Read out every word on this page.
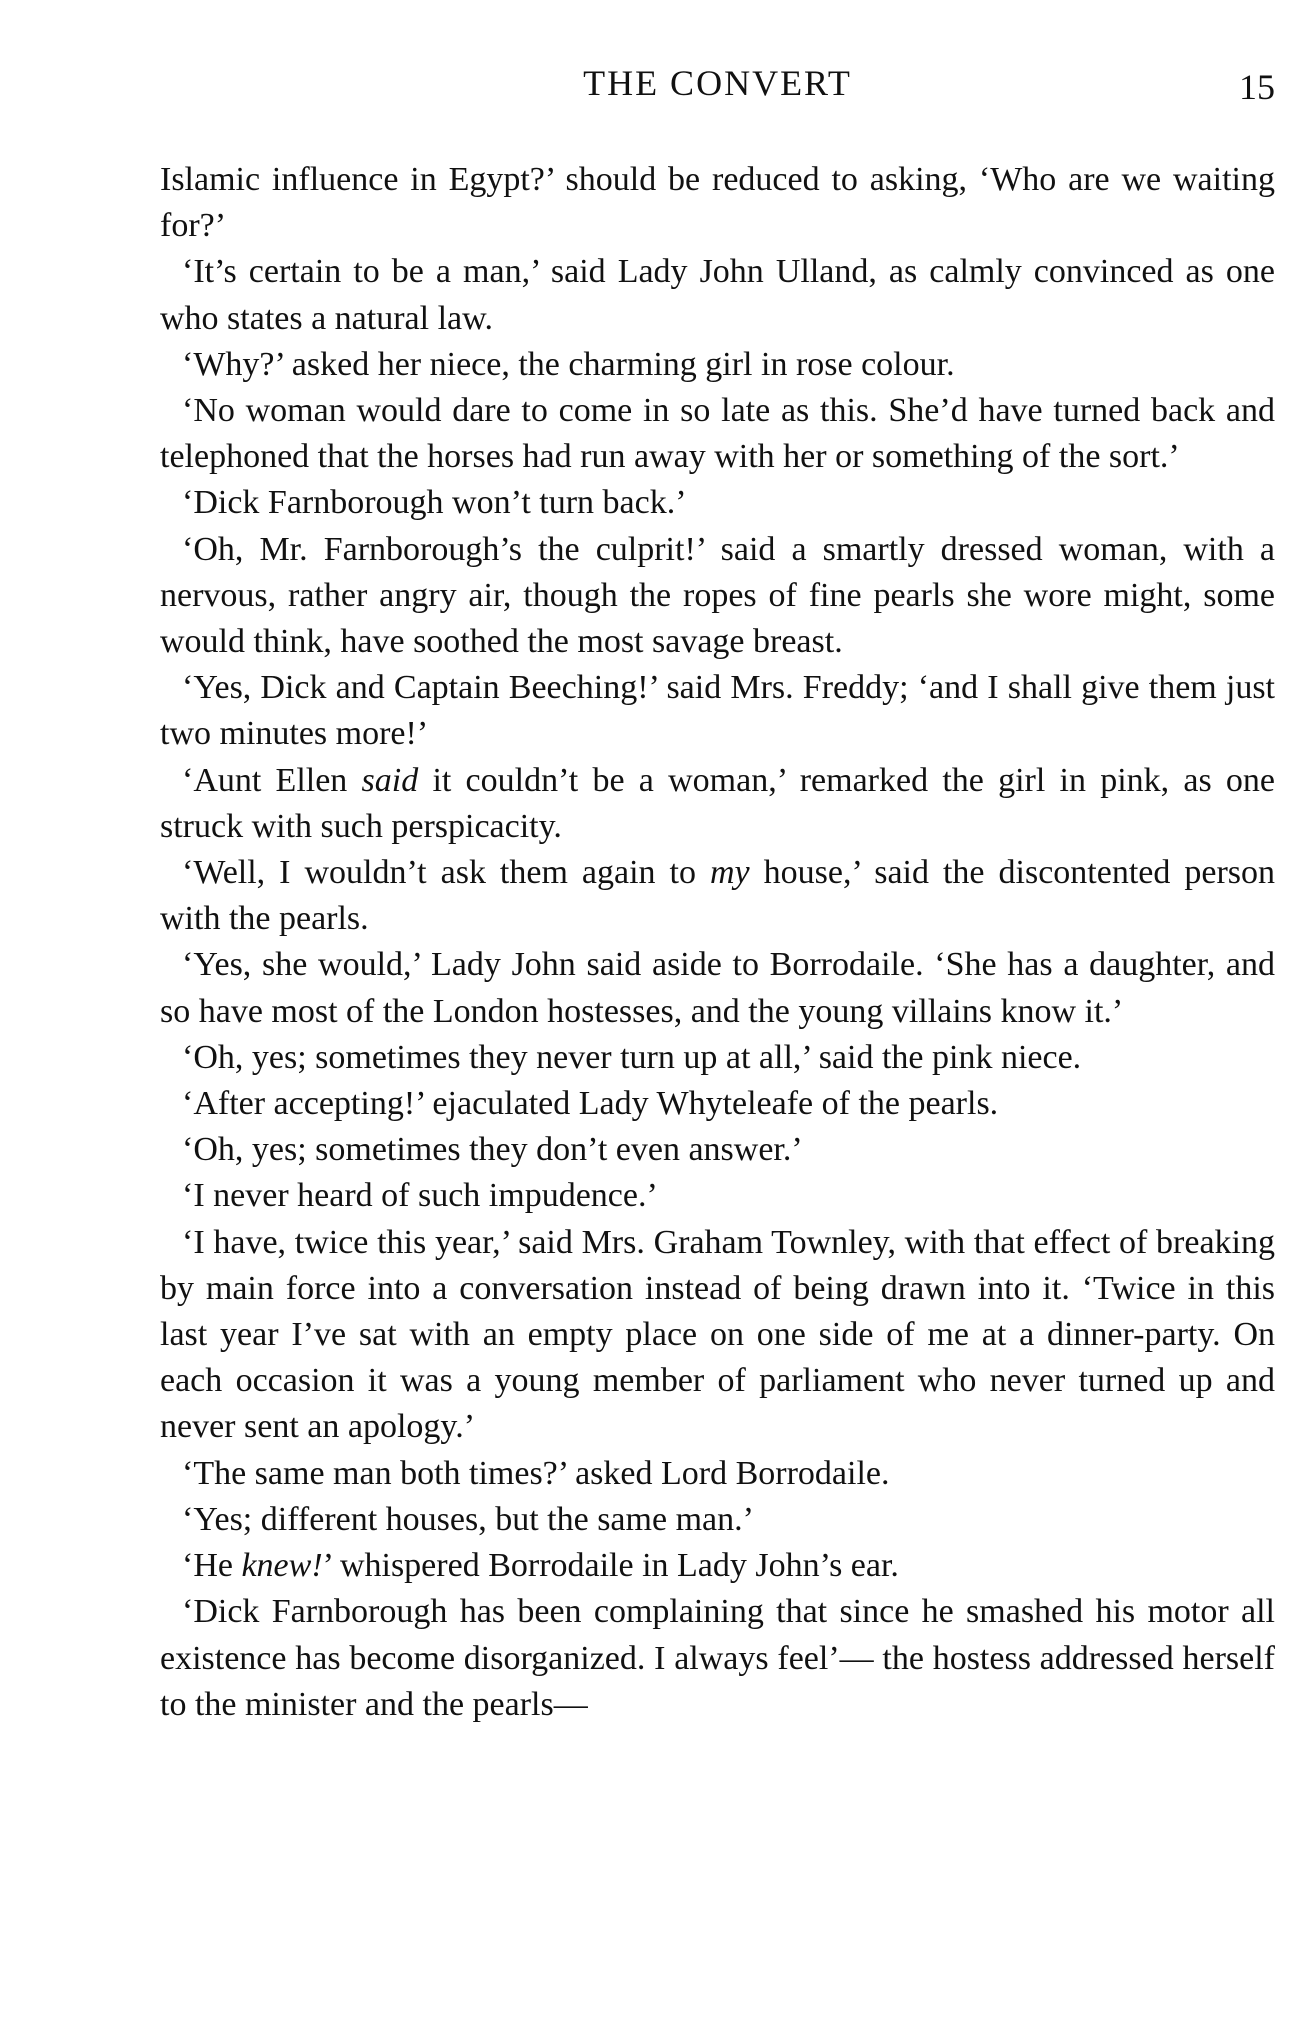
THE CONVERT	15

Islamic influence in Egypt?’ should be reduced to asking, ‘Who are we waiting for?’

‘It’s certain to be a man,’ said Lady John Ulland, as calmly convinced as one who states a natural law.

‘Why?’ asked her niece, the charming girl in rose colour.

‘No woman would dare to come in so late as this. She’d have turned back and telephoned that the horses had run away with her or something of the sort.’

‘Dick Farnborough won’t turn back.’

‘Oh, Mr. Farnborough’s the culprit!’ said a smartly dressed woman, with a nervous, rather angry air, though the ropes of fine pearls she wore might, some would think, have soothed the most savage breast.

‘Yes, Dick and Captain Beeching!’ said Mrs. Freddy; ‘and I shall give them just two minutes more!’

‘Aunt Ellen said it couldn’t be a woman,’ remarked the girl in pink, as one struck with such perspicacity.

‘Well, I wouldn’t ask them again to my house,’ said the discontented person with the pearls.

‘Yes, she would,’ Lady John said aside to Borrodaile. ‘She has a daughter, and so have most of the London hostesses, and the young villains know it.’

‘Oh, yes; sometimes they never turn up at all,’ said the pink niece.

‘After accepting!’ ejaculated Lady Whyteleafe of the pearls.

‘Oh, yes; sometimes they don’t even answer.’

‘I never heard of such impudence.’

‘I have, twice this year,’ said Mrs. Graham Townley, with that effect of breaking by main force into a conversation instead of being drawn into it. ‘Twice in this last year I’ve sat with an empty place on one side of me at a dinner-party. On each occasion it was a young member of parliament who never turned up and never sent an apology.’

‘The same man both times?’ asked Lord Borrodaile.

‘Yes; different houses, but the same man.’

‘He knew!’ whispered Borrodaile in Lady John’s ear.

‘Dick Farnborough has been complaining that since he smashed his motor all existence has become disorganized. I always feel’— the hostess addressed herself to the minister and the pearls—
